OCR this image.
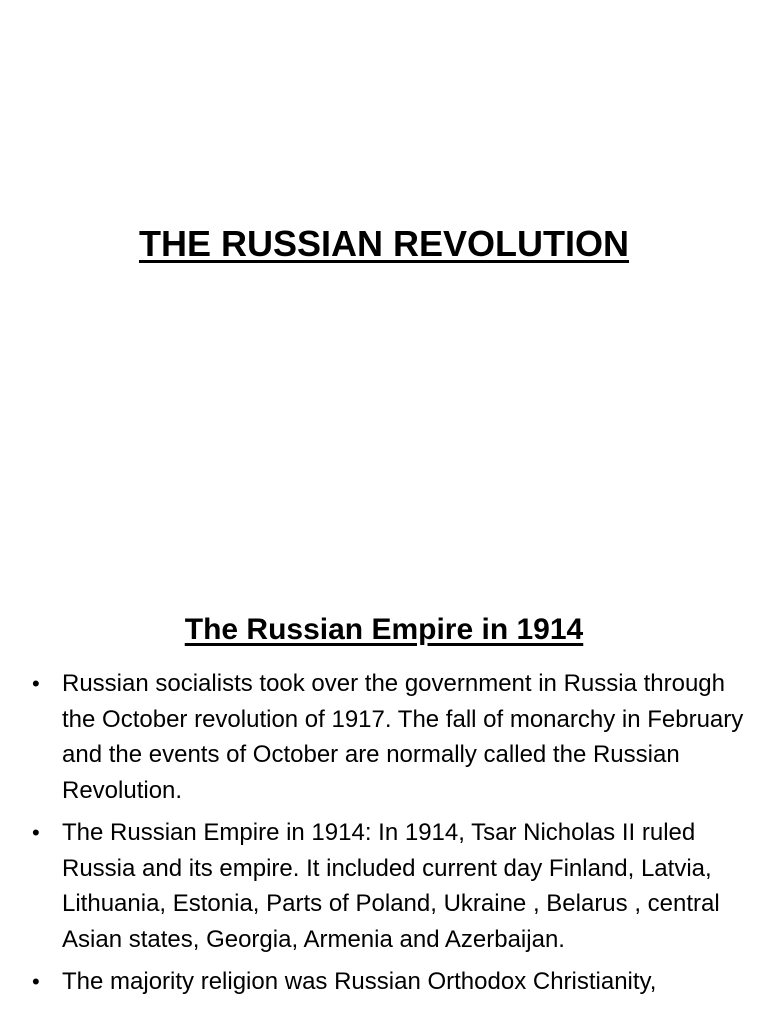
THE RUSSIAN REVOLUTION
The Russian Empire in 1914
• Russian socialists took over the government in Russia through the October revolution of 1917. The fall of monarchy in February and the events of October are normally called the Russian Revolution.
• The Russian Empire in 1914: In 1914, Tsar Nicholas II ruled Russia and its empire. It included current day Finland, Latvia, Lithuania, Estonia, Parts of Poland, Ukraine , Belarus , central Asian states, Georgia, Armenia and Azerbaijan.
• The majority religion was Russian Orthodox Christianity,
